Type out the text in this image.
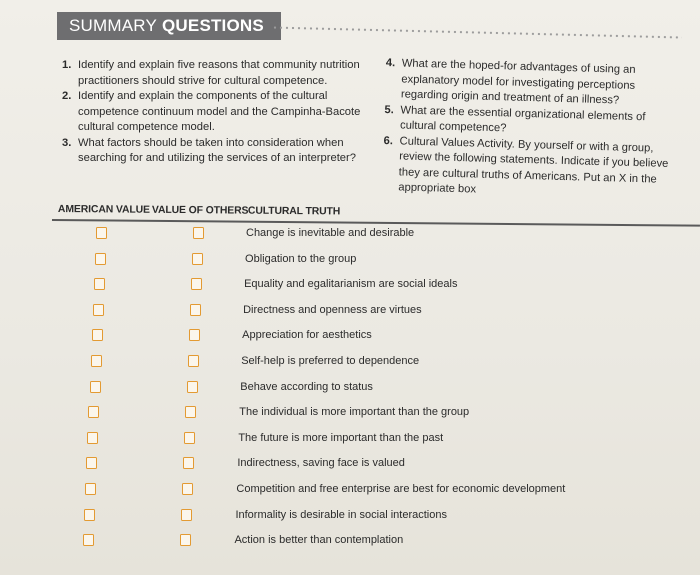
SUMMARY QUESTIONS
1. Identify and explain five reasons that community nutrition practitioners should strive for cultural competence.
2. Identify and explain the components of the cultural competence continuum model and the Campinha-Bacote cultural competence model.
3. What factors should be taken into consideration when searching for and utilizing the services of an interpreter?
4. What are the hoped-for advantages of using an explanatory model for investigating perceptions regarding origin and treatment of an illness?
5. What are the essential organizational elements of cultural competence?
6. Cultural Values Activity. By yourself or with a group, review the following statements. Indicate if you believe they are cultural truths of Americans. Put an X in the appropriate box
AMERICAN VALUE VALUE OF OTHERS CULTURAL TRUTH
Change is inevitable and desirable
Obligation to the group
Equality and egalitarianism are social ideals
Directness and openness are virtues
Appreciation for aesthetics
Self-help is preferred to dependence
Behave according to status
The individual is more important than the group
The future is more important than the past
Indirectness, saving face is valued
Competition and free enterprise are best for economic development
Informality is desirable in social interactions
Action is better than contemplation
